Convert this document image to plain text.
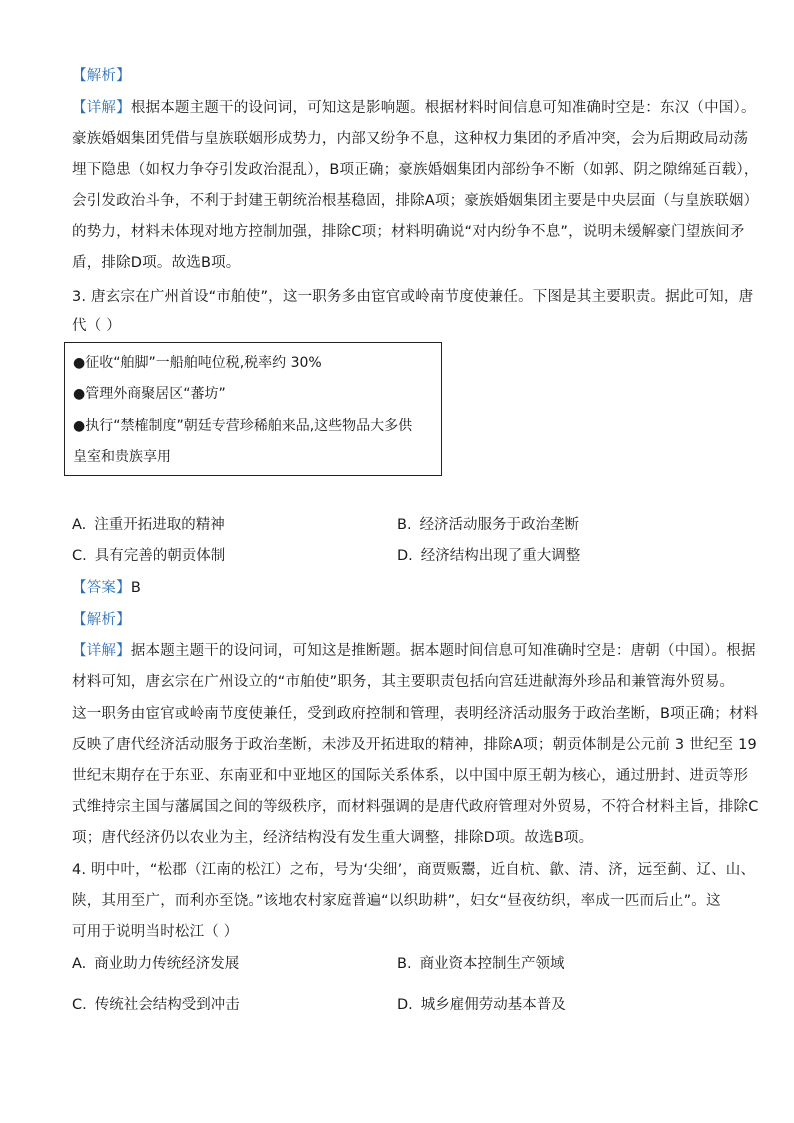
【解析】
【详解】根据本题主题干的设问词，可知这是影响题。根据材料时间信息可知准确时空是：东汉（中国）。
豪族婚姻集团凭借与皇族联姻形成势力，内部又纷争不息，这种权力集团的矛盾冲突，会为后期政局动荡
埋下隐患（如权力争夺引发政治混乱），B项正确；豪族婚姻集团内部纷争不断（如郭、阴之隙绵延百载），
会引发政治斗争，不利于封建王朝统治根基稳固，排除A项；豪族婚姻集团主要是中央层面（与皇族联姻）
的势力，材料未体现对地方控制加强，排除C项；材料明确说“对内纷争不息”，说明未缓解豪门望族间矛
盾，排除D项。故选B项。
3. 唐玄宗在广州首设“市舶使”，这一职务多由宦官或岭南节度使兼任。下图是其主要职责。据此可知，唐
代（ ）
●征收“舶脚”一船舶吨位税,税率约 30%
●管理外商聚居区“蕃坊”
●执行“禁榷制度”朝廷专营珍稀舶来品,这些物品大多供
皇室和贵族享用
A. 注重开拓进取的精神	B. 经济活动服务于政治垄断
C. 具有完善的朝贡体制	D. 经济结构出现了重大调整
【答案】B
【解析】
【详解】据本题主题干的设问词，可知这是推断题。据本题时间信息可知准确时空是：唐朝（中国）。根据
材料可知，唐玄宗在广州设立的“市舶使”职务，其主要职责包括向宫廷进献海外珍品和兼管海外贸易。
这一职务由宦官或岭南节度使兼任，受到政府控制和管理，表明经济活动服务于政治垄断，B项正确；材料
反映了唐代经济活动服务于政治垄断，未涉及开拓进取的精神，排除A项；朝贡体制是公元前 3 世纪至 19
世纪末期存在于东亚、东南亚和中亚地区的国际关系体系，以中国中原王朝为核心，通过册封、进贡等形
式维持宗主国与藩属国之间的等级秩序，而材料强调的是唐代政府管理对外贸易，不符合材料主旨，排除C
项；唐代经济仍以农业为主，经济结构没有发生重大调整，排除D项。故选B项。
4. 明中叶，“松郡（江南的松江）之布，号为‘尖细’，商贾贩鬻，近自杭、歙、清、济，远至蓟、辽、山、
陕，其用至广，而利亦至饶。”该地农村家庭普遍“以织助耕”，妇女“昼夜纺织，率成一匹而后止”。这
可用于说明当时松江（ ）
A. 商业助力传统经济发展	B. 商业资本控制生产领域
C. 传统社会结构受到冲击	D. 城乡雇佣劳动基本普及
